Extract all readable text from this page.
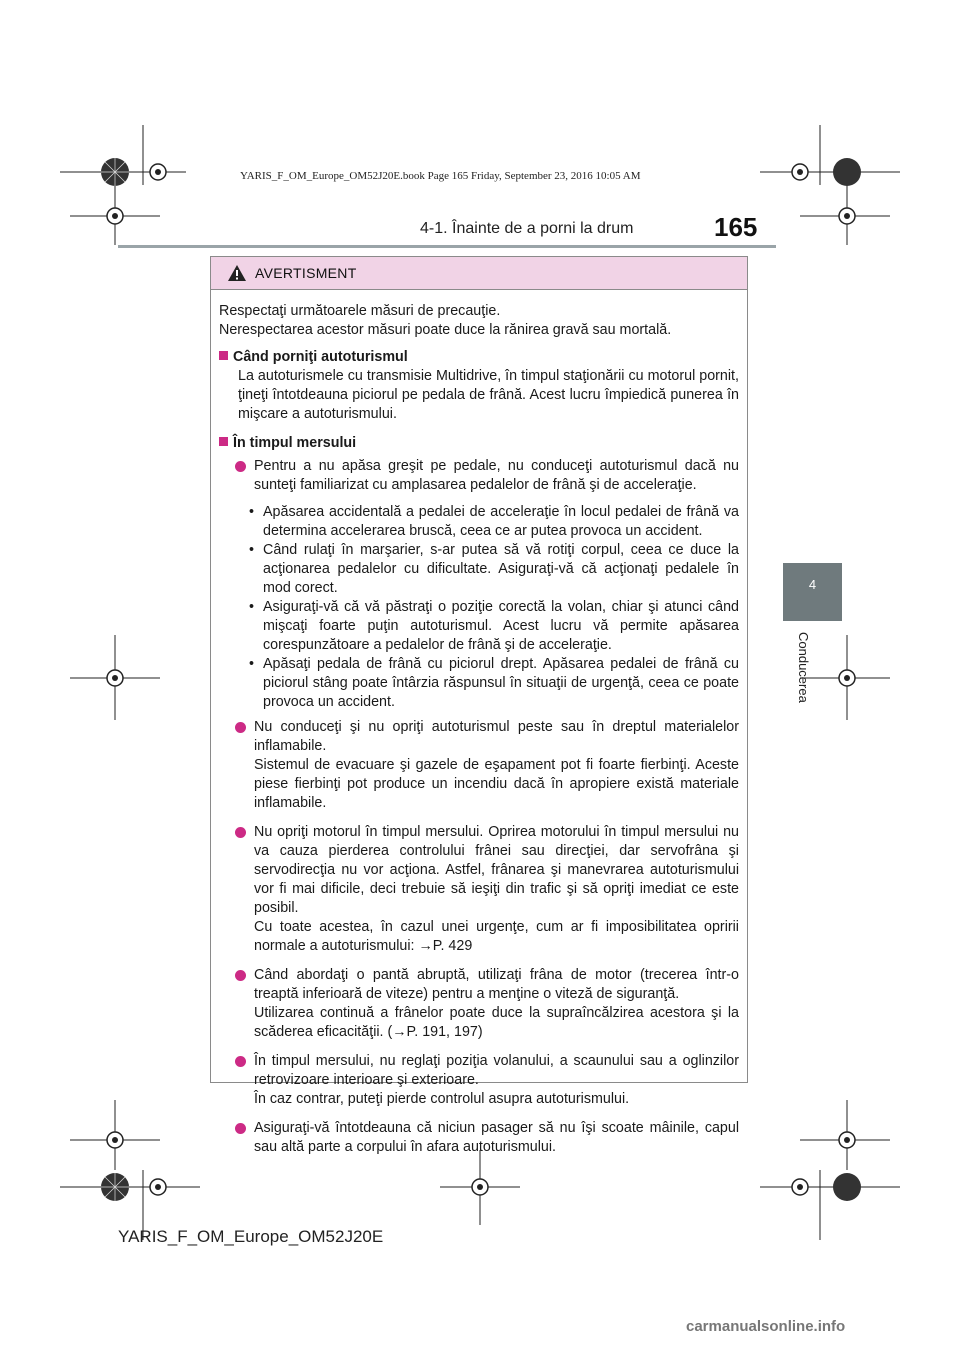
YARIS_F_OM_Europe_OM52J20E.book Page 165 Friday, September 23, 2016 10:05 AM
4-1. Înainte de a porni la drum	165
4
Conducerea
AVERTISMENT

Respectaţi următoarele măsuri de precauţie.

Nerespectarea acestor măsuri poate duce la rănirea gravă sau mortală.

Când porniţi autoturismul

La autoturismele cu transmisie Multidrive, în timpul staţionării cu motorul pornit, ţineţi întotdeauna piciorul pe pedala de frână. Acest lucru împiedică punerea în mişcare a autoturismului.

În timpul mersului

Pentru a nu apăsa greşit pe pedale, nu conduceţi autoturismul dacă nu sunteţi familiarizat cu amplasarea pedalelor de frână şi de acceleraţie.

• Apăsarea accidentală a pedalei de acceleraţie în locul pedalei de frână va determina accelerarea bruscă, ceea ce ar putea provoca un accident.
• Când rulaţi în marşarier, s-ar putea să vă rotiţi corpul, ceea ce duce la acţionarea pedalelor cu dificultate. Asiguraţi-vă că acţionaţi pedalele în mod corect.
• Asiguraţi-vă că vă păstraţi o poziţie corectă la volan, chiar şi atunci când mişcaţi foarte puţin autoturismul. Acest lucru vă permite apăsarea corespunzătoare a pedalelor de frână şi de acceleraţie.
• Apăsaţi pedala de frână cu piciorul drept. Apăsarea pedalei de frână cu piciorul stâng poate întârzia răspunsul în situaţii de urgenţă, ceea ce poate provoca un accident.

Nu conduceţi şi nu opriţi autoturismul peste sau în dreptul materialelor inflamabile.

Sistemul de evacuare şi gazele de eşapament pot fi foarte fierbinţi. Aceste piese fierbinţi pot produce un incendiu dacă în apropiere există materiale inflamabile.

Nu opriţi motorul în timpul mersului. Oprirea motorului în timpul mersului nu va cauza pierderea controlului frânei sau direcţiei, dar servofrâna şi servodirecţia nu vor acţiona. Astfel, frânarea şi manevrarea autoturismului vor fi mai dificile, deci trebuie să ieşiţi din trafic şi să opriţi imediat ce este posibil.

Cu toate acestea, în cazul unei urgenţe, cum ar fi imposibilitatea opririi normale a autoturismului: →P. 429

Când abordaţi o pantă abruptă, utilizaţi frâna de motor (trecerea într-o treaptă inferioară de viteze) pentru a menţine o viteză de siguranţă.

Utilizarea continuă a frânelor poate duce la supraîncălzirea acestora şi la scăderea eficacităţii. (→P. 191, 197)

În timpul mersului, nu reglaţi poziţia volanului, a scaunului sau a oglinzilor retrovizoare interioare şi exterioare.

În caz contrar, puteţi pierde controlul asupra autoturismului.

Asiguraţi-vă întotdeauna că niciun pasager să nu îşi scoate mâinile, capul sau altă parte a corpului în afara autoturismului.

YARIS_F_OM_Europe_OM52J20E
carmanualsonline.info
